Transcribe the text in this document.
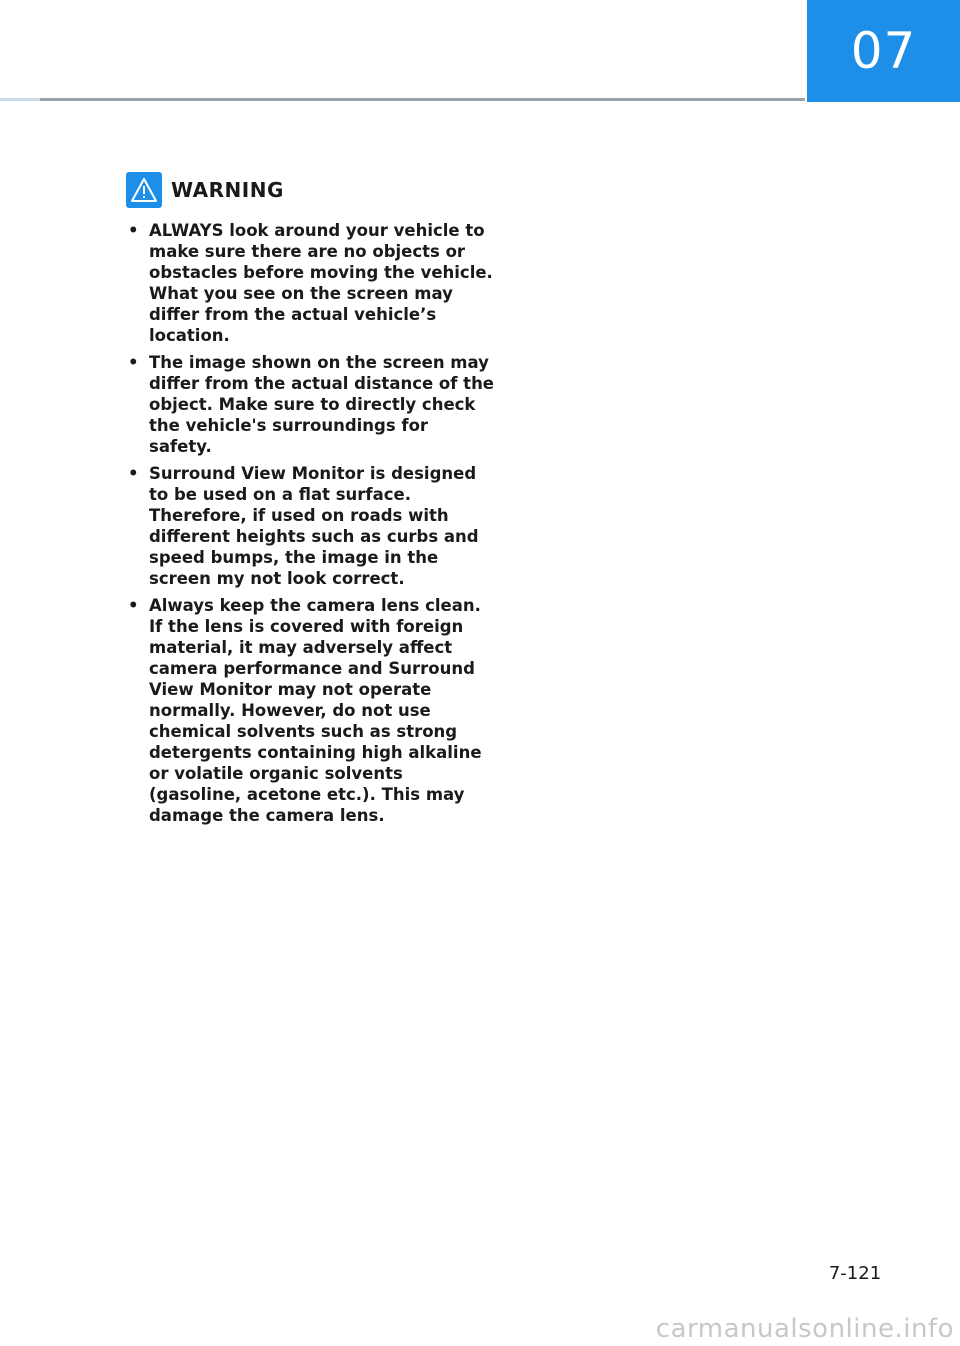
07
WARNING
• ALWAYS look around your vehicle to make sure there are no objects or obstacles before moving the vehicle. What you see on the screen may differ from the actual vehicle’s location.
• The image shown on the screen may differ from the actual distance of the object. Make sure to directly check the vehicle's surroundings for safety.
• Surround View Monitor is designed to be used on a flat surface. Therefore, if used on roads with different heights such as curbs and speed bumps, the image in the screen my not look correct.
• Always keep the camera lens clean. If the lens is covered with foreign material, it may adversely affect camera performance and Surround View Monitor may not operate normally. However, do not use chemical solvents such as strong detergents containing high alkaline or volatile organic solvents (gasoline, acetone etc.). This may damage the camera lens.
7-121
carmanualsonline.info
